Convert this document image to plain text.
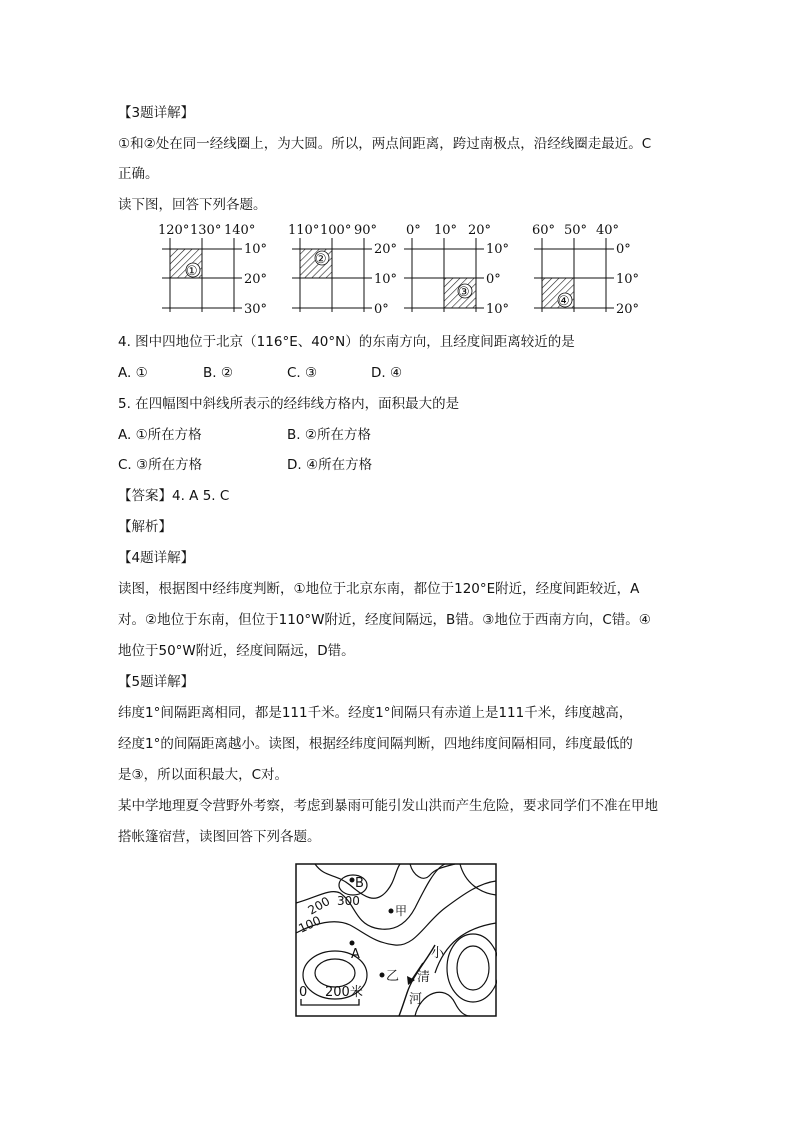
【3题详解】
①和②处在同一经线圈上，为大圆。所以，两点间距离，跨过南极点，沿经线圈走最近。C
正确。
读下图，回答下列各题。
120° 130° 140°
10°
20°
30°
①
110° 100° 90°
20°
10°
0°
②
0° 10° 20°
10°
0°
10°
③
60° 50° 40°
0°
10°
20°
④
4. 图中四地位于北京（116°E、40°N）的东南方向，且经度间距离较近的是
A. ①	B. ②	C. ③	D. ④
5. 在四幅图中斜线所表示的经纬线方格内，面积最大的是
A. ①所在方格	B. ②所在方格
C. ③所在方格	D. ④所在方格
【答案】4. A 5. C
【解析】
【4题详解】
读图，根据图中经纬度判断，①地位于北京东南，都位于120°E附近，经度间距较近，A
对。②地位于东南，但位于110°W附近，经度间隔远，B错。③地位于西南方向，C错。④
地位于50°W附近，经度间隔远，D错。
【5题详解】
纬度1°间隔距离相同，都是111千米。经度1°间隔只有赤道上是111千米，纬度越高，
经度1°的间隔距离越小。读图，根据经纬度间隔判断，四地纬度间隔相同，纬度最低的
是③，所以面积最大，C对。
某中学地理夏令营野外考察，考虑到暴雨可能引发山洪而产生危险，要求同学们不准在甲地
搭帐篷宿营，读图回答下列各题。
300
200
100
B
甲
A
乙
小
清
河
0 200米
